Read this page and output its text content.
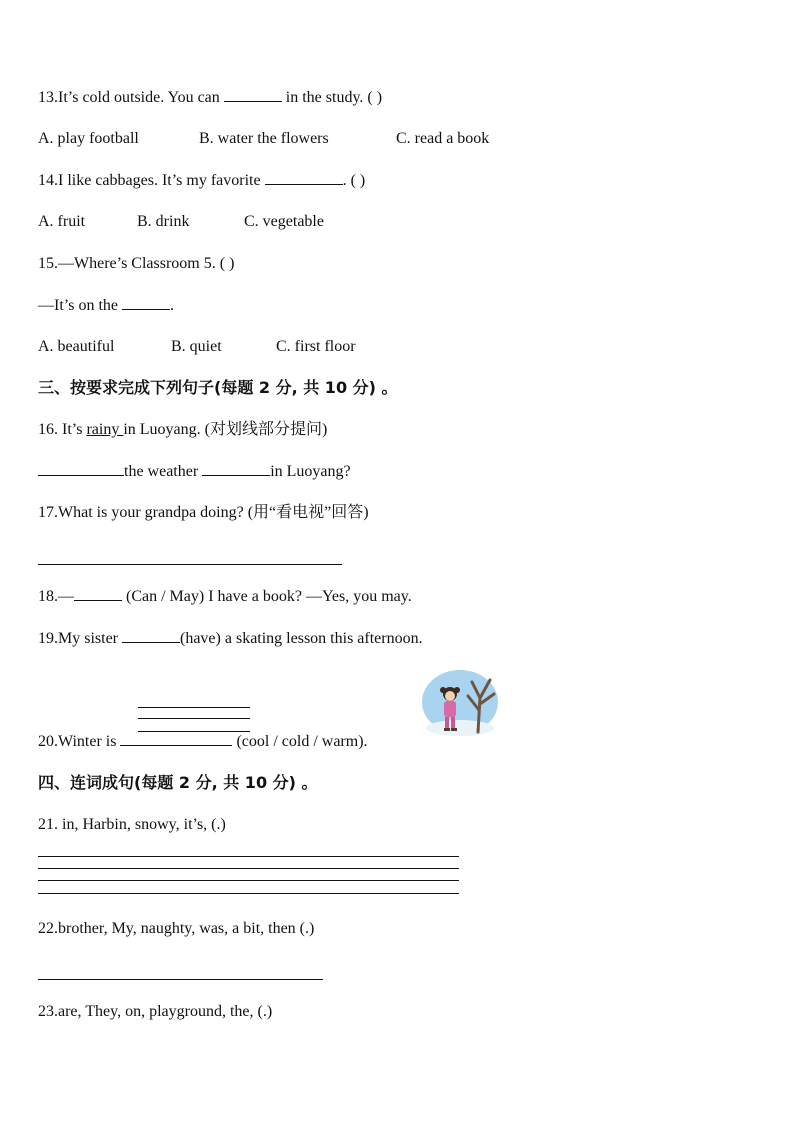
13.It’s cold outside. You can	in the study. ( )
A. play football	B. water the flowers	C. read a book
14.I like cabbages. It’s my favorite	. ( )
A. fruit	B. drink	C. vegetable
15.—Where’s Classroom 5. ( )
—It’s on the	.
A. beautiful	B. quiet	C. first floor
三、按要求完成下列句子(每题 2 分, 共 10 分) 。
16. It’s rainy in Luoyang. (对划线部分提问)
the weather	in Luoyang?
17.What is your grandpa doing? (用“看电视”回答)
18.—	(Can / May) I have a book? —Yes, you may.
19.My sister	(have) a skating lesson this afternoon.
20.Winter is	(cool / cold / warm).
四、连词成句(每题 2 分, 共 10 分) 。
21. in, Harbin, snowy, it’s, (.)
22.brother, My, naughty, was, a bit, then (.)
23.are, They, on, playground, the, (.)
